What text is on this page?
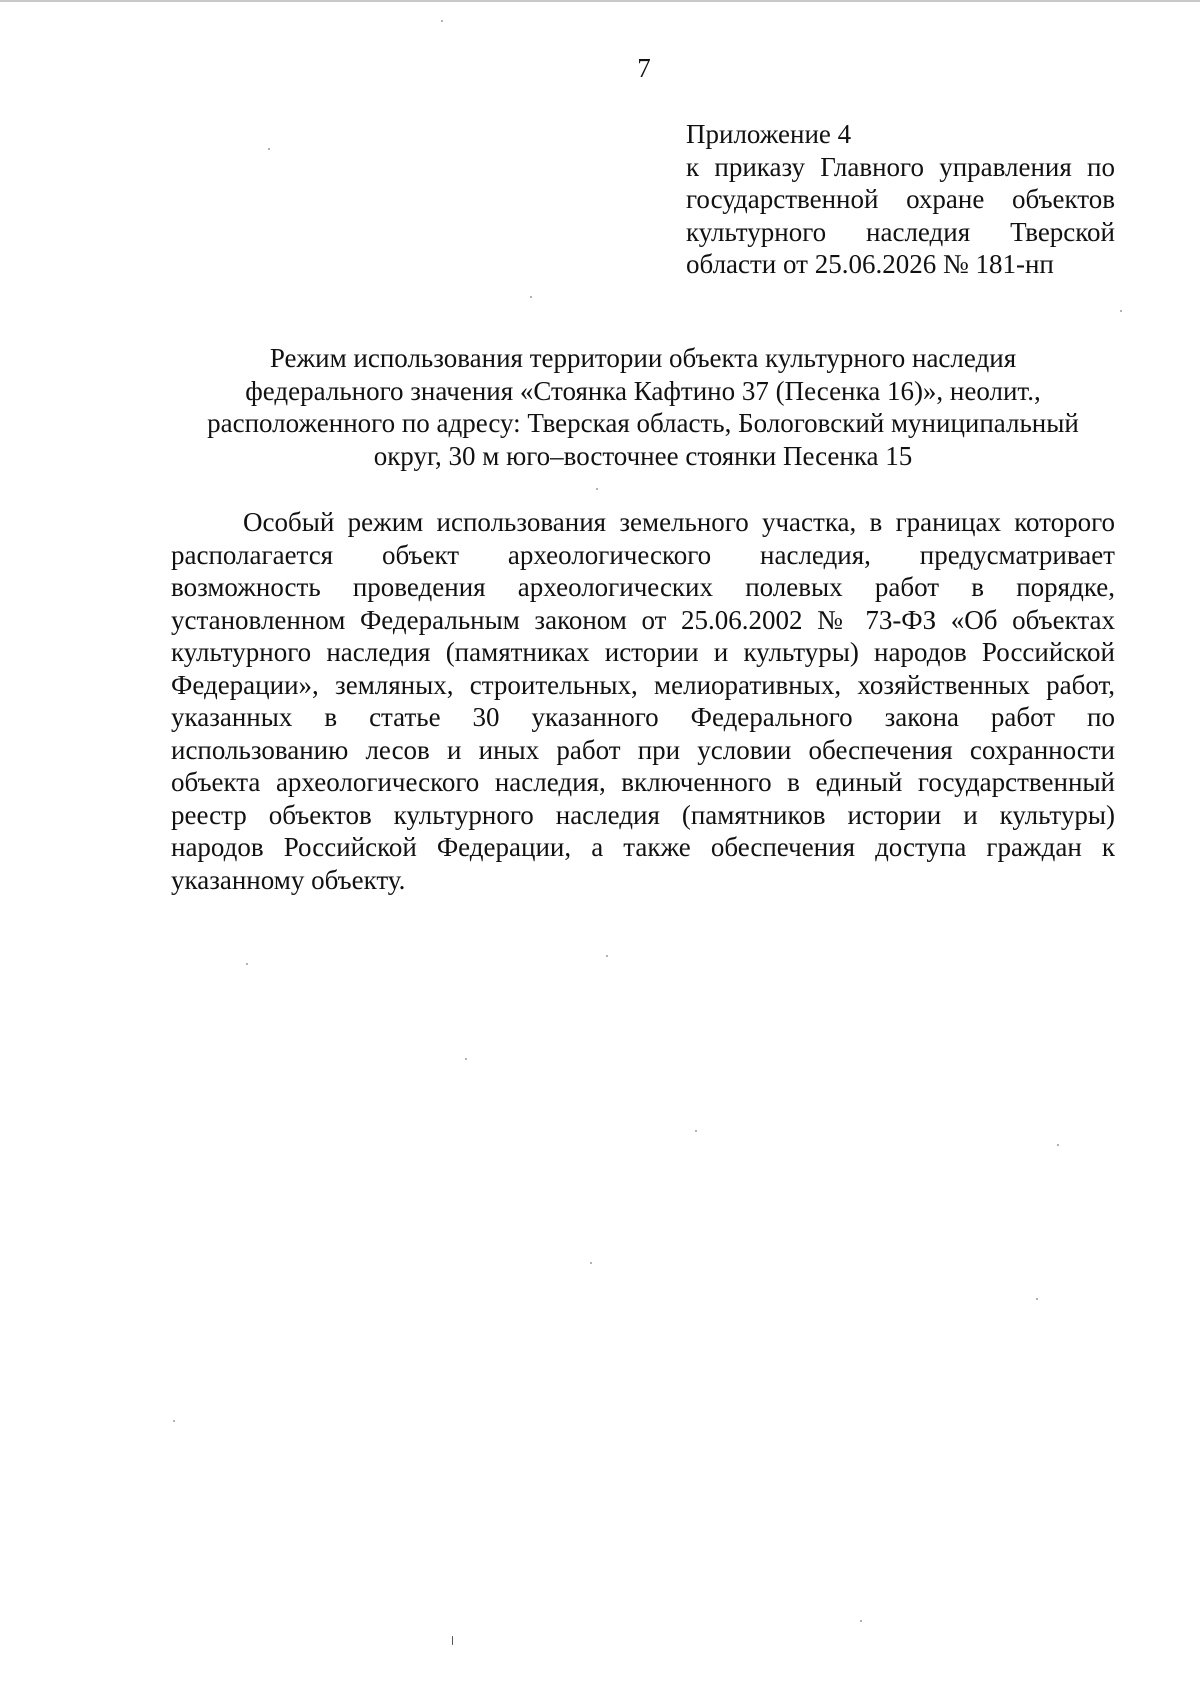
7
Приложение 4
к приказу Главного управления по
государственной охране объектов
культурного наследия Тверской
области от 25.06.2026 № 181-нп
Режим использования территории объекта культурного наследия
федерального значения «Стоянка Кафтино 37 (Песенка 16)», неолит.,
расположенного по адресу: Тверская область, Бологовский муниципальный
округ, 30 м юго–восточнее стоянки Песенка 15
Особый режим использования земельного участка, в границах которого
располагается объект археологического наследия, предусматривает
возможность проведения археологических полевых работ в порядке,
установленном Федеральным законом от 25.06.2002 № 73-ФЗ «Об объектах
культурного наследия (памятниках истории и культуры) народов Российской
Федерации», земляных, строительных, мелиоративных, хозяйственных работ,
указанных в статье 30 указанного Федерального закона работ по
использованию лесов и иных работ при условии обеспечения сохранности
объекта археологического наследия, включенного в единый государственный
реестр объектов культурного наследия (памятников истории и культуры)
народов Российской Федерации, а также обеспечения доступа граждан к
указанному объекту.
